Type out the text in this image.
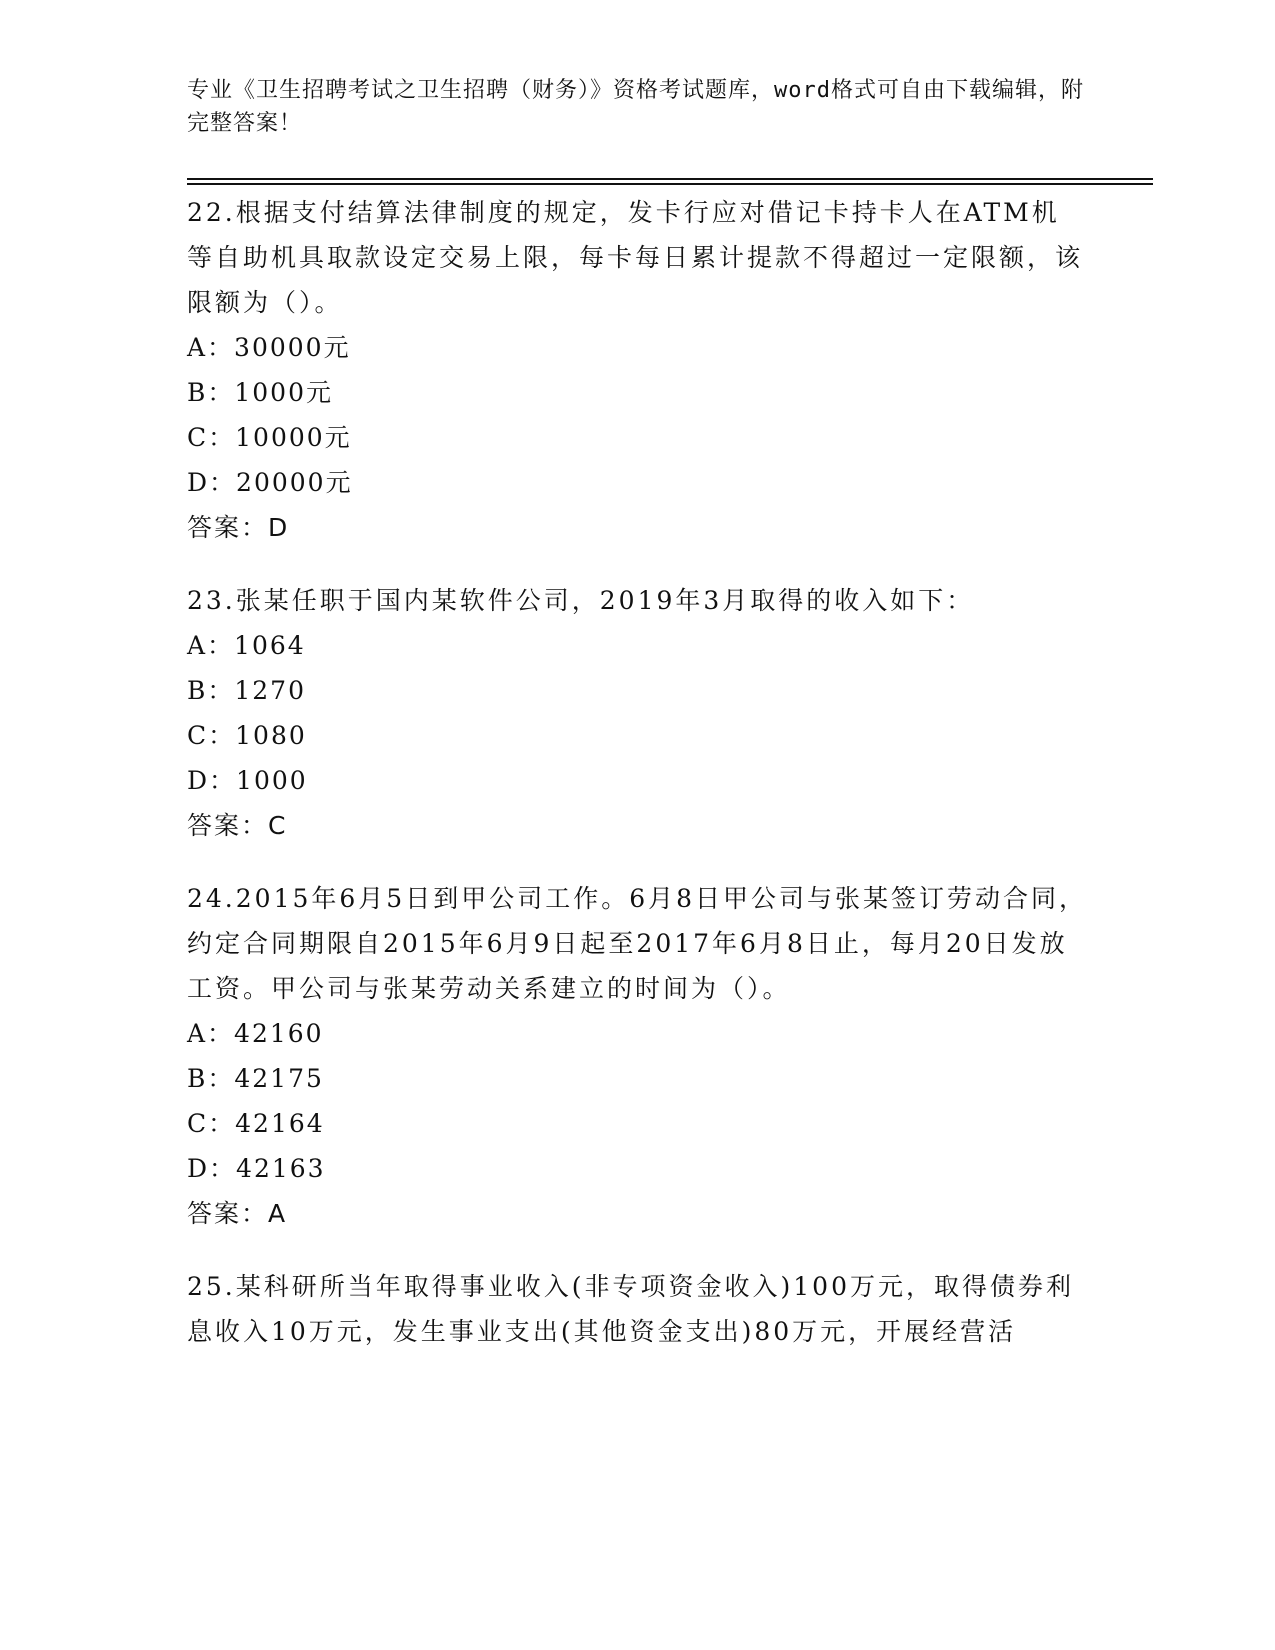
专业《卫生招聘考试之卫生招聘（财务）》资格考试题库，word格式可自由下载编辑，附完整答案！

22.根据支付结算法律制度的规定，发卡行应对借记卡持卡人在ATM机等自助机具取款设定交易上限，每卡每日累计提款不得超过一定限额，该限额为（）。

A：30000元

B：1000元

C：10000元

D：20000元

答案：D

23.张某任职于国内某软件公司，2019年3月取得的收入如下：

A：1064

B：1270

C：1080

D：1000

答案：C

24.2015年6月5日到甲公司工作。6月8日甲公司与张某签订劳动合同，约定合同期限自2015年6月9日起至2017年6月8日止，每月20日发放工资。甲公司与张某劳动关系建立的时间为（）。

A：42160

B：42175

C：42164

D：42163

答案：A

25.某科研所当年取得事业收入(非专项资金收入)100万元，取得债券利息收入10万元，发生事业支出(其他资金支出)80万元，开展经营活
